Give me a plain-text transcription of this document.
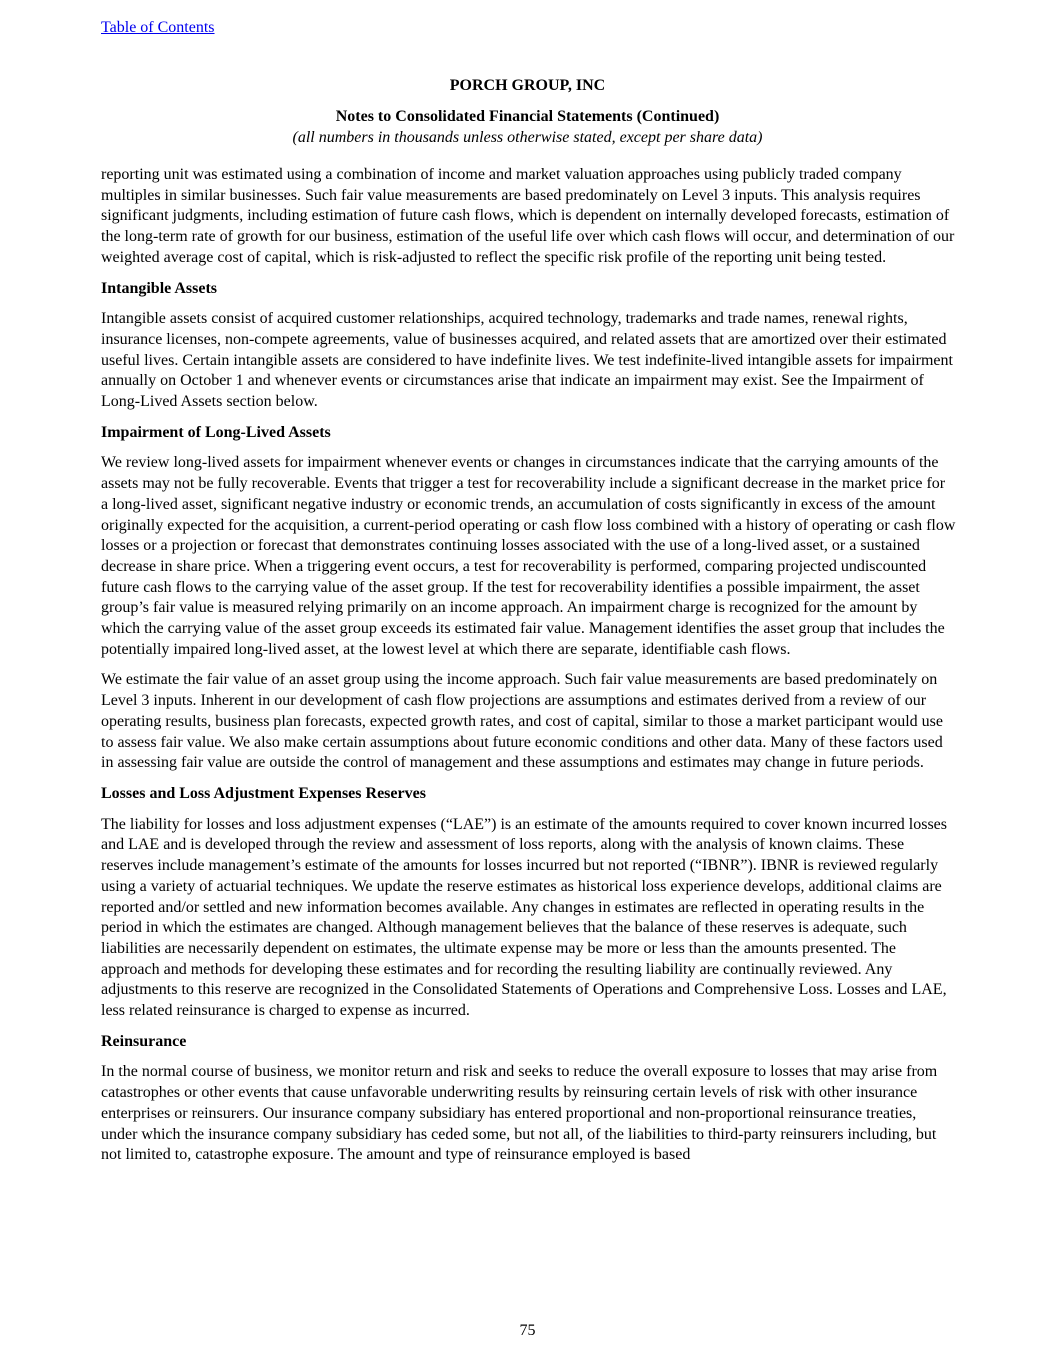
Table of Contents
PORCH GROUP, INC
Notes to Consolidated Financial Statements (Continued)
(all numbers in thousands unless otherwise stated, except per share data)

reporting unit was estimated using a combination of income and market valuation approaches using publicly traded company multiples in similar businesses. Such fair value measurements are based predominately on Level 3 inputs. This analysis requires significant judgments, including estimation of future cash flows, which is dependent on internally developed forecasts, estimation of the long-term rate of growth for our business, estimation of the useful life over which cash flows will occur, and determination of our weighted average cost of capital, which is risk-adjusted to reflect the specific risk profile of the reporting unit being tested.

Intangible Assets

Intangible assets consist of acquired customer relationships, acquired technology, trademarks and trade names, renewal rights, insurance licenses, non-compete agreements, value of businesses acquired, and related assets that are amortized over their estimated useful lives. Certain intangible assets are considered to have indefinite lives. We test indefinite-lived intangible assets for impairment annually on October 1 and whenever events or circumstances arise that indicate an impairment may exist. See the Impairment of Long-Lived Assets section below.

Impairment of Long-Lived Assets

We review long-lived assets for impairment whenever events or changes in circumstances indicate that the carrying amounts of the assets may not be fully recoverable. Events that trigger a test for recoverability include a significant decrease in the market price for a long-lived asset, significant negative industry or economic trends, an accumulation of costs significantly in excess of the amount originally expected for the acquisition, a current-period operating or cash flow loss combined with a history of operating or cash flow losses or a projection or forecast that demonstrates continuing losses associated with the use of a long-lived asset, or a sustained decrease in share price. When a triggering event occurs, a test for recoverability is performed, comparing projected undiscounted future cash flows to the carrying value of the asset group. If the test for recoverability identifies a possible impairment, the asset group’s fair value is measured relying primarily on an income approach. An impairment charge is recognized for the amount by which the carrying value of the asset group exceeds its estimated fair value. Management identifies the asset group that includes the potentially impaired long-lived asset, at the lowest level at which there are separate, identifiable cash flows.

We estimate the fair value of an asset group using the income approach. Such fair value measurements are based predominately on Level 3 inputs. Inherent in our development of cash flow projections are assumptions and estimates derived from a review of our operating results, business plan forecasts, expected growth rates, and cost of capital, similar to those a market participant would use to assess fair value. We also make certain assumptions about future economic conditions and other data. Many of these factors used in assessing fair value are outside the control of management and these assumptions and estimates may change in future periods.

Losses and Loss Adjustment Expenses Reserves

The liability for losses and loss adjustment expenses (“LAE”) is an estimate of the amounts required to cover known incurred losses and LAE and is developed through the review and assessment of loss reports, along with the analysis of known claims. These reserves include management’s estimate of the amounts for losses incurred but not reported (“IBNR”). IBNR is reviewed regularly using a variety of actuarial techniques. We update the reserve estimates as historical loss experience develops, additional claims are reported and/or settled and new information becomes available. Any changes in estimates are reflected in operating results in the period in which the estimates are changed. Although management believes that the balance of these reserves is adequate, such liabilities are necessarily dependent on estimates, the ultimate expense may be more or less than the amounts presented. The approach and methods for developing these estimates and for recording the resulting liability are continually reviewed. Any adjustments to this reserve are recognized in the Consolidated Statements of Operations and Comprehensive Loss. Losses and LAE, less related reinsurance is charged to expense as incurred.

Reinsurance

In the normal course of business, we monitor return and risk and seeks to reduce the overall exposure to losses that may arise from catastrophes or other events that cause unfavorable underwriting results by reinsuring certain levels of risk with other insurance enterprises or reinsurers. Our insurance company subsidiary has entered proportional and non-proportional reinsurance treaties, under which the insurance company subsidiary has ceded some, but not all, of the liabilities to third-party reinsurers including, but not limited to, catastrophe exposure. The amount and type of reinsurance employed is based

75
